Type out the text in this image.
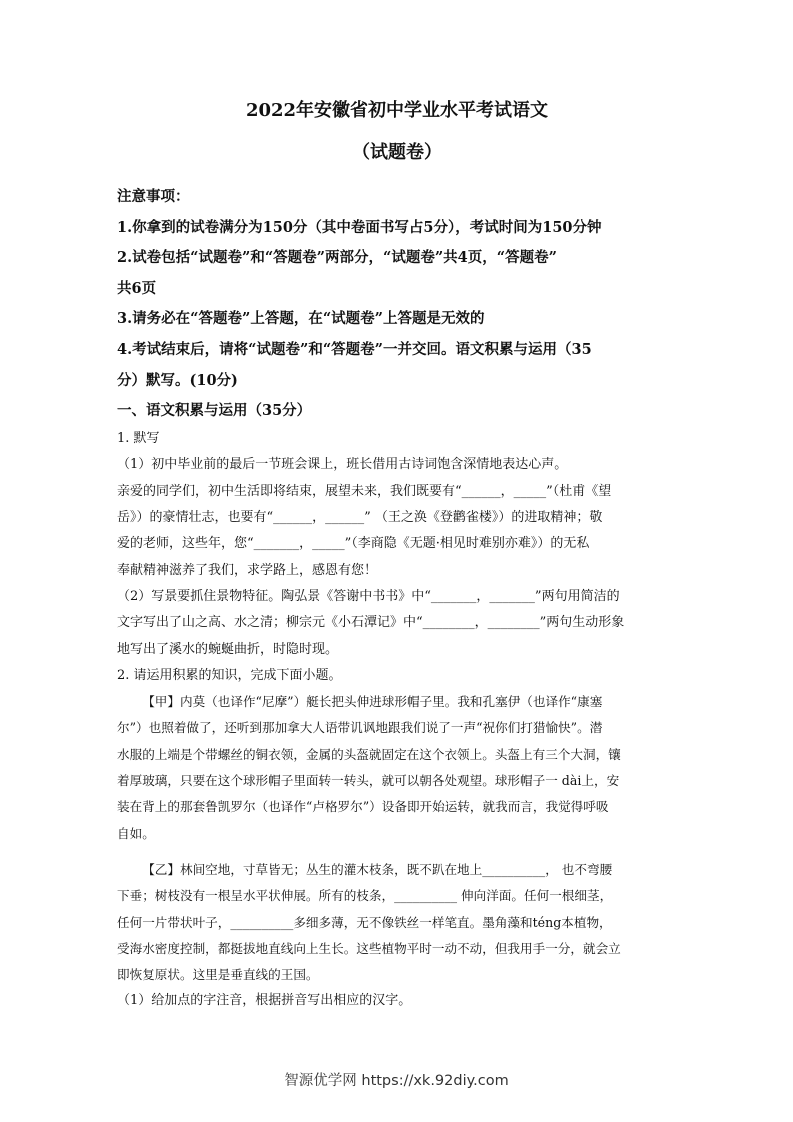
2022年安徽省初中学业水平考试语文
（试题卷）

注意事项：

1.你拿到的试卷满分为150分（其中卷面书写占5分），考试时间为150分钟

2.试卷包括“试题卷”和“答题卷”两部分，“试题卷”共4页，“答题卷”

共6页

3.请务必在“答题卷”上答题，在“试题卷”上答题是无效的

4.考试结束后，请将“试题卷”和“答题卷”一并交回。语文积累与运用（35

分）默写。(10分)

一、语文积累与运用（35分）

1. 默写

（1）初中毕业前的最后一节班会课上，班长借用古诗词饱含深情地表达心声。

亲爱的同学们，初中生活即将结束，展望未来，我们既要有“______，_____”（杜甫《望

岳》）的豪情壮志，也要有“______，______” （王之涣《登鹳雀楼》）的进取精神；敬

爱的老师，这些年，您“_______，_____”（李商隐《无题·相见时难别亦难》）的无私

奉献精神滋养了我们，求学路上，感恩有您！

（2）写景要抓住景物特征。陶弘景《答谢中书书》中“_______，_______”两句用简洁的

文字写出了山之高、水之清；柳宗元《小石潭记》中“________，________”两句生动形象

地写出了溪水的蜿蜒曲折，时隐时现。

2. 请运用积累的知识，完成下面小题。

【甲】内莫（也译作“尼摩”）艇长把头伸进球形帽子里。我和孔塞伊（也译作“康塞

尔”）也照着做了，还听到那加拿大人语带讥讽地跟我们说了一声“祝你们打猎愉快”。潜

水服的上端是个带螺丝的铜衣领，金属的头盔就固定在这个衣领上。头盔上有三个大洞，镶

着厚玻璃，只要在这个球形帽子里面转一转头，就可以朝各处观望。球形帽子一 dài上，安

装在背上的那套鲁凯罗尔（也译作“卢格罗尔”）设备即开始运转，就我而言，我觉得呼吸

自如。

【乙】林间空地，寸草皆无；丛生的灌木枝条，既不趴在地上__________， 也不弯腰

下垂；树枝没有一根呈水平状伸展。所有的枝条，__________ 伸向洋面。任何一根细茎，

任何一片带状叶子，__________多细多薄，无不像铁丝一样笔直。墨角藻和téng本植物，

受海水密度控制，都挺拔地直线向上生长。这些植物平时一动不动，但我用手一分，就会立

即恢复原状。这里是垂直线的王国。

（1）给加点的字注音，根据拼音写出相应的汉字。

智源优学网 https://xk.92diy.com
